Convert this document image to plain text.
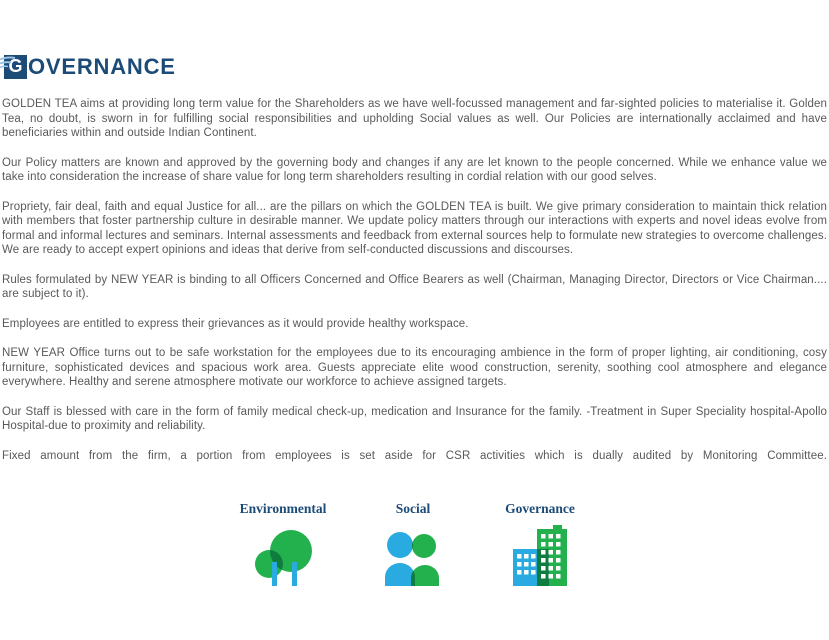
G OVERNANCE

GOLDEN TEA aims at providing long term value for the Shareholders as we have well-focussed management and far-sighted policies to materialise it. Golden Tea, no doubt, is sworn in for fulfilling social responsibilities and upholding Social values as well. Our Policies are internationally acclaimed and have beneficiaries within and outside Indian Continent.

Our Policy matters are known and approved by the governing body and changes if any are let known to the people concerned. While we enhance value we take into consideration the increase of share value for long term shareholders resulting in cordial relation with our good selves.

Propriety, fair deal, faith and equal Justice for all... are the pillars on which the GOLDEN TEA is built. We give primary consideration to maintain thick relation with members that foster partnership culture in desirable manner. We update policy matters through our interactions with experts and novel ideas evolve from formal and informal lectures and seminars. Internal assessments and feedback from external sources help to formulate new strategies to overcome challenges. We are ready to accept expert opinions and ideas that derive from self-conducted discussions and discourses.

Rules formulated by NEW YEAR is binding to all Officers Concerned and Office Bearers as well (Chairman, Managing Director, Directors or Vice Chairman.... are subject to it).

Employees are entitled to express their grievances as it would provide healthy workspace.

NEW YEAR Office turns out to be safe workstation for the employees due to its encouraging ambience in the form of proper lighting, air conditioning, cosy furniture, sophisticated devices and spacious work area. Guests appreciate elite wood construction, serenity, soothing cool atmosphere and elegance everywhere. Healthy and serene atmosphere motivate our workforce to achieve assigned targets.

Our Staff is blessed with care in the form of family medical check-up, medication and Insurance for the family. -Treatment in Super Speciality hospital-Apollo Hospital-due to proximity and reliability.

Fixed amount from the firm, a portion from employees is set aside for CSR activities which is dually audited by Monitoring Committee.

Environmental	Social	Governance
